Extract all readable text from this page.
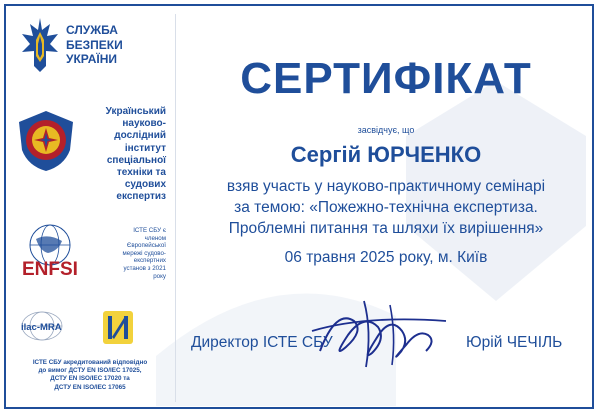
СЛУЖБА
БЕЗПЕКИ
УКРАЇНИ
Український
науково-
дослідний
інститут
спеціальної
техніки та
судових
експертиз
ENFSI
ІСТЕ СБУ є
членом
Європейської
мережі судово-
експертних
установ з 2021
року
ilac-MRA
ІСТЕ СБУ акредитований відповідно
до вимог ДСТУ EN ISO/IEC 17025,
ДСТУ EN ISO/IEC 17020 та
ДСТУ EN ISO/IEC 17065
СЕРТИФІКАТ
засвідчує, що
Сергій ЮРЧЕНКО
взяв участь у науково-практичному семінарі
за темою: «Пожежно-технічна експертиза.
Проблемні питання та шляхи їх вирішення»
06 травня 2025 року, м. Київ
Директор ІСТЕ СБУ	Юрій ЧЕЧІЛЬ
